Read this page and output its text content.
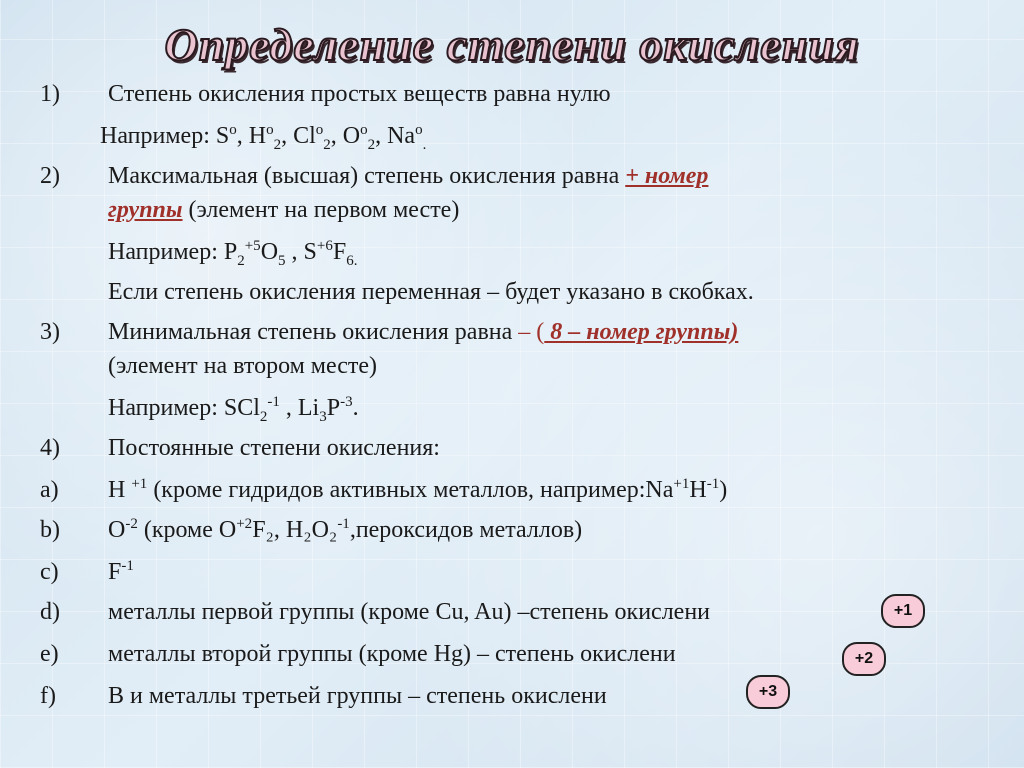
Определение степени окисления
1) Степень окисления простых веществ равна нулю
Например: $S^o$, $H^o_2$, $Cl^o_2$, $O^o_2$, $Na^o_.$
2) Максимальная (высшая) степень окисления равна + номер
группы (элемент на первом месте)
Например: $P_2^{+5}O_5$ , $S^{+6}F_{6.}$
Если степень окисления переменная – будет указано в скобках.
3) Минимальная степень окисления равна – ( 8 – номер группы)
(элемент на втором месте)
Например: SCl$_2^{-1}$ , $Li_3P^{-3}$.
4) Постоянные степени окисления:
a) H $^{+1}$ (кроме гидридов активных металлов, $например:Na^{+1}H^{-1}$)
b) $O^{-2}$ (кроме $O^{+2}F_2$, H₂O₂$^{-1}$,пероксидов металлов)
c) $F^{-1}$
d) металлы первой группы (кроме Cu, Au) –степень окислени	+1
e) металлы второй группы (кроме Hg) – степень окислени	+2
f) В и металлы третьей группы – степень окислени	+3
